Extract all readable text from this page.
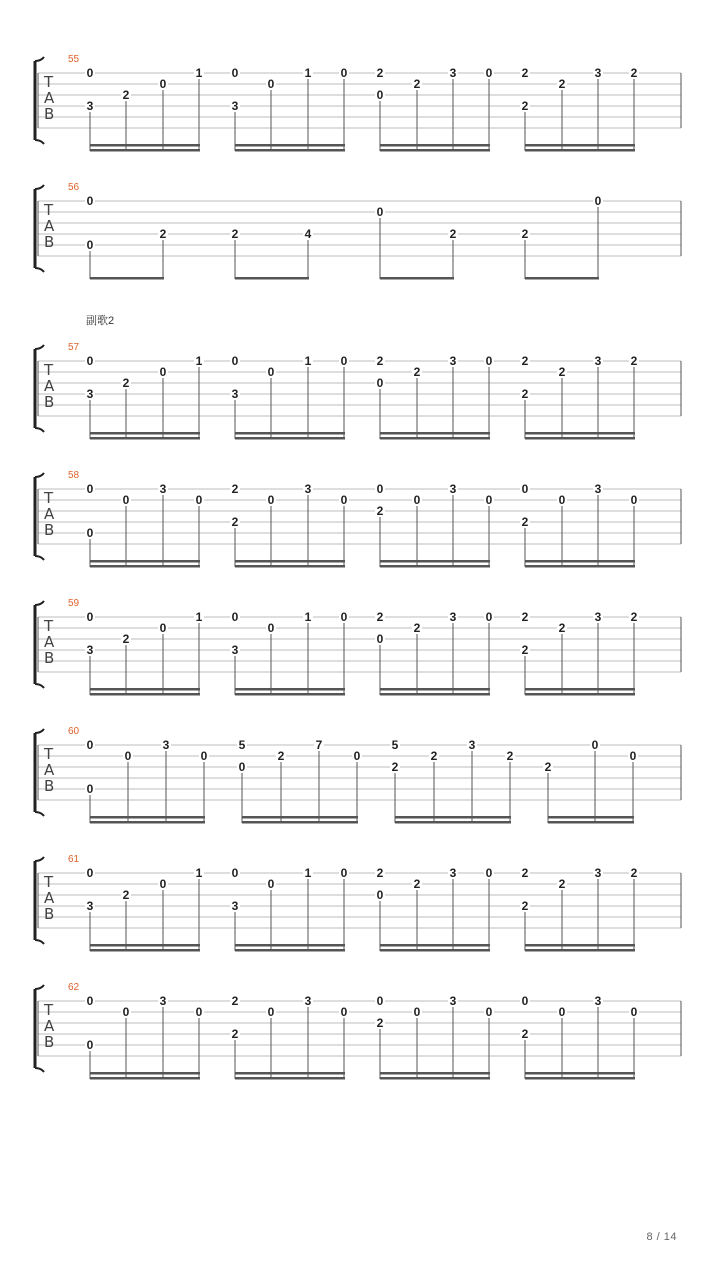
T
A
B
55
0
3
2
0
1 0
3
0
1 0 2
0
2
3 0 2
2
2
3 2
T
A
B
56
0
0
2	2	4
0
2	2
0
T
A
B
57
副歌2
0
3
2
0
1 0
3
0
1 0 2
0
2
3 0 2
2
2
3 2
T
A
B
58
0
0
0
3
0
2
2
0
3
0
0
2
0
3
0
0
2
0
3
0
T
A
B
59
0
3
2
0
1 0
3
0
1 0 2
0
2
3 0 2
2
2
3 2
T
A
B
60
0
0
0
3
0
5
0
2
7
0
5
2
2
3
2
2
0
0
T
A
B
61
0
3
2
0
1 0
3
0
1 0 2
0
2
3 0 2
2
2
3 2
T
A
B
62
0
0
0
3
0
2
2
0
3
0
0
2
0
3
0
0
2
0
3
0
8 / 14
